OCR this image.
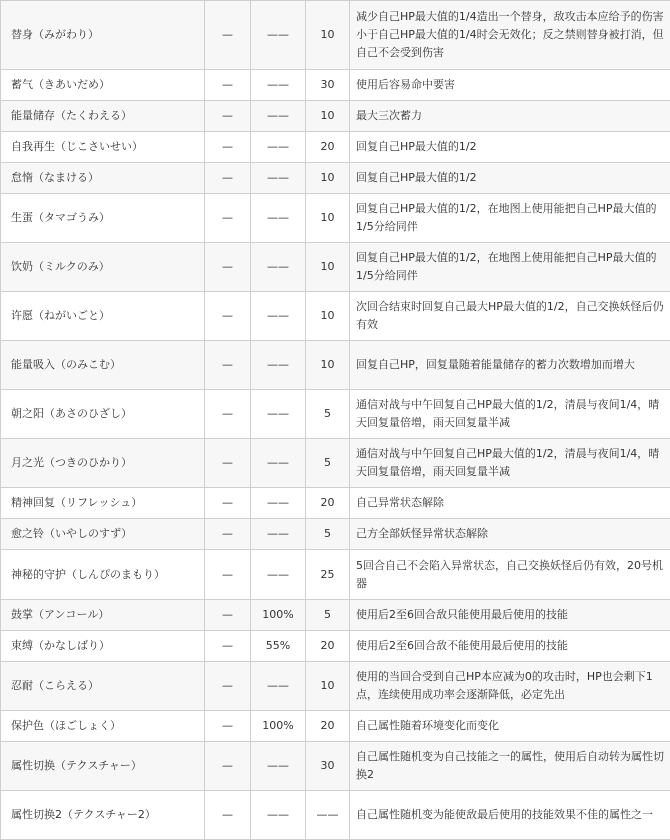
替身（みがわり）	—	——	10	减少自己HP最大值的1/4造出一个替身，敌攻击本应给予的伤害小于自己HP最大值的1/4时会无效化；反之禁则替身被打消，但自己不会受到伤害
蓄气（きあいだめ）	—	——	30	使用后容易命中要害
能量储存（たくわえる）	—	——	10	最大三次蓄力
自我再生（じこさいせい）	—	——	20	回复自己HP最大值的1/2
怠惰（なまける）	—	——	10	回复自己HP最大值的1/2
生蛋（タマゴうみ）	—	——	10	回复自己HP最大值的1/2，在地图上使用能把自己HP最大值的1/5分给同伴
饮奶（ミルクのみ）	—	——	10	回复自己HP最大值的1/2，在地图上使用能把自己HP最大值的1/5分给同伴
许愿（ねがいごと）	—	——	10	次回合结束时回复自己最大HP最大值的1/2，自己交换妖怪后仍有效
能量吸入（のみこむ）	—	——	10	回复自己HP，回复量随着能量储存的蓄力次数增加而增大
朝之阳（あさのひざし）	—	——	5	通信对战与中午回复自己HP最大值的1/2，清晨与夜间1/4，晴天回复量倍增，雨天回复量半减
月之光（つきのひかり）	—	——	5	通信对战与中午回复自己HP最大值的1/2，清晨与夜间1/4，晴天回复量倍增，雨天回复量半减
精神回复（リフレッシュ）	—	——	20	自己异常状态解除
愈之铃（いやしのすず）	—	——	5	己方全部妖怪异常状态解除
神秘的守护（しんぴのまもり）	—	——	25	5回合自己不会陷入异常状态，自己交换妖怪后仍有效，20号机器
鼓掌（アンコール）	—	100%	5	使用后2至6回合敌只能使用最后使用的技能
束缚（かなしばり）	—	55%	20	使用后2至6回合敌不能使用最后使用的技能
忍耐（こらえる）	—	——	10	使用的当回合受到自己HP本应减为0的攻击时，HP也会剩下1点，连续使用成功率会逐渐降低，必定先出
保护色（ほごしょく）	—	100%	20	自己属性随着环境变化而变化
属性切换（テクスチャー）	—	——	30	自己属性随机变为自己技能之一的属性，使用后自动转为属性切换2
属性切换2（テクスチャー2）	—	——	——	自己属性随机变为能使敌最后使用的技能效果不佳的属性之一
